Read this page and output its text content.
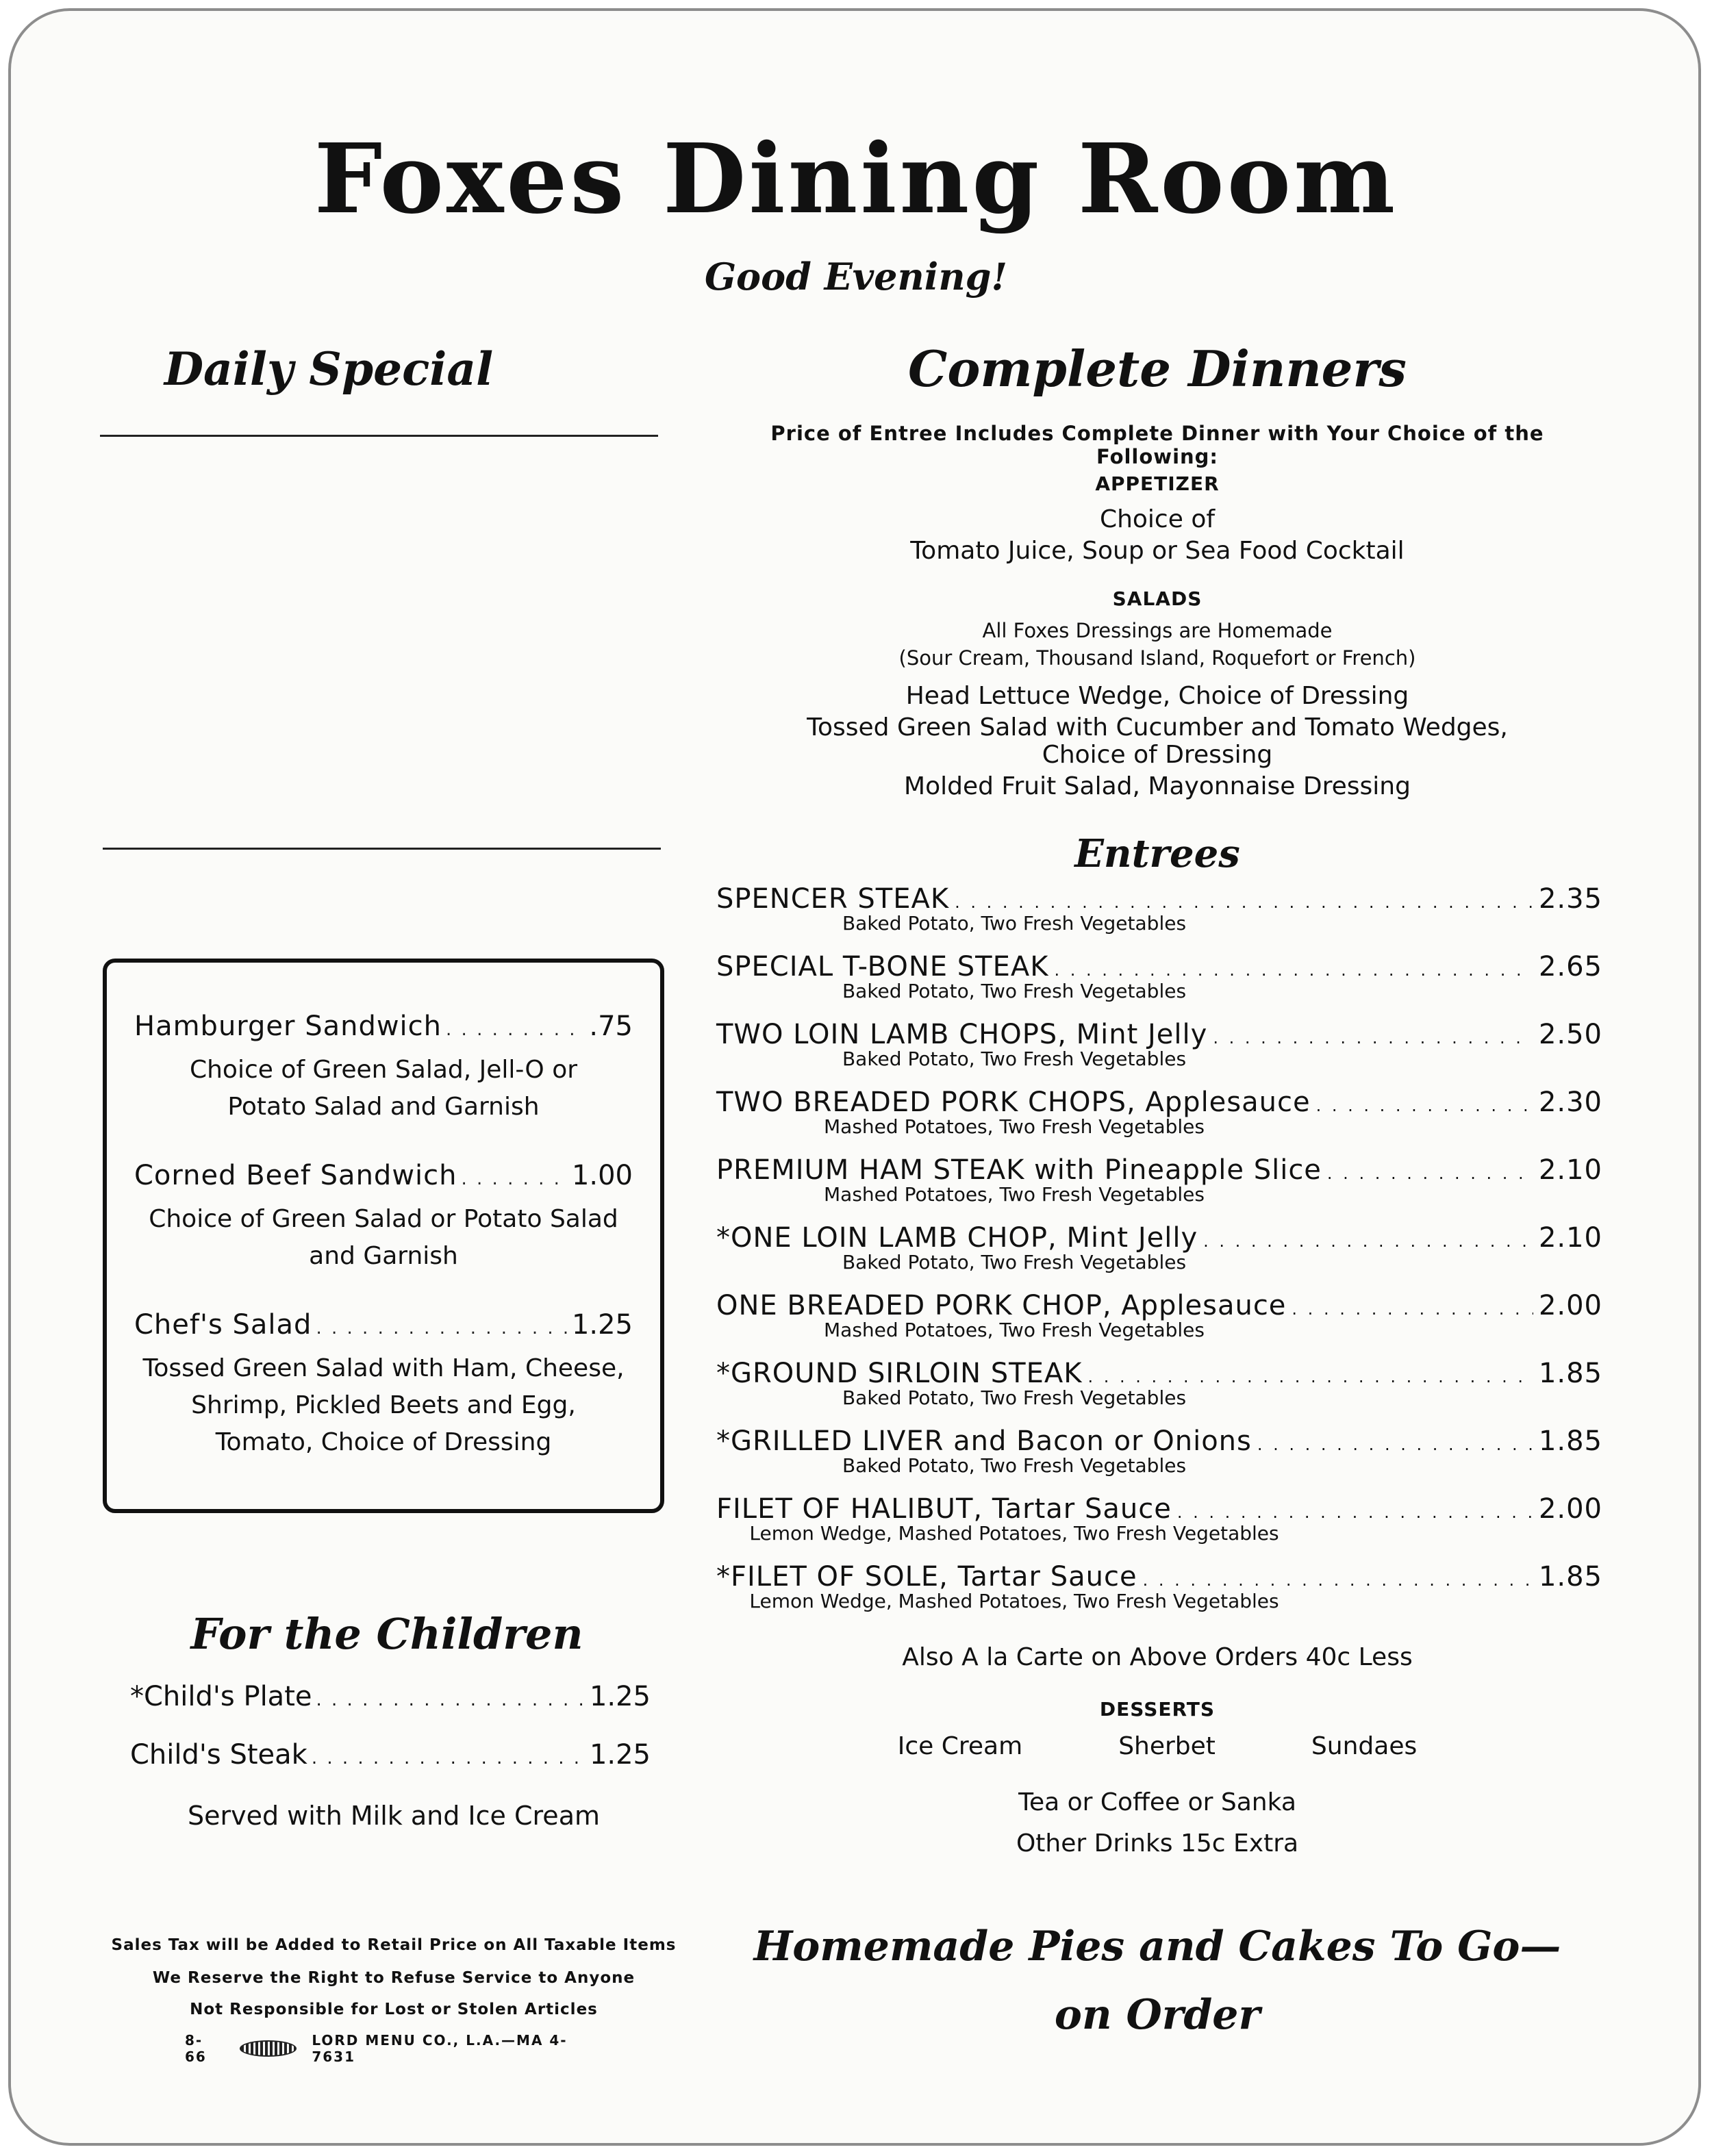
Foxes Dining Room
Good Evening!
Daily Special
Hamburger Sandwich . . .	.75
Choice of Green Salad, Jell-O or
Potato Salad and Garnish
Corned Beef Sandwich . . .	1.00
Choice of Green Salad or Potato Salad
and Garnish
Chef's Salad . . .	1.25
Tossed Green Salad with Ham, Cheese,
Shrimp, Pickled Beets and Egg,
Tomato, Choice of Dressing
For the Children
*Child's Plate . . .	1.25
Child's Steak . . .	1.25
Served with Milk and Ice Cream
Sales Tax will be Added to Retail Price on All Taxable Items
We Reserve the Right to Refuse Service to Anyone
Not Responsible for Lost or Stolen Articles
8-66
LORD MENU CO., L.A.—MA 4-7631
Complete Dinners
Price of Entree Includes Complete Dinner with Your Choice of the Following:
APPETIZER
Choice of
Tomato Juice, Soup or Sea Food Cocktail
SALADS
All Foxes Dressings are Homemade
(Sour Cream, Thousand Island, Roquefort or French)
Head Lettuce Wedge, Choice of Dressing
Tossed Green Salad with Cucumber and Tomato Wedges,
Choice of Dressing
Molded Fruit Salad, Mayonnaise Dressing
Entrees
SPENCER STEAK . . .	2.35
Baked Potato, Two Fresh Vegetables
SPECIAL T-BONE STEAK . . .	2.65
Baked Potato, Two Fresh Vegetables
TWO LOIN LAMB CHOPS, Mint Jelly . . .	2.50
Baked Potato, Two Fresh Vegetables
TWO BREADED PORK CHOPS, Applesauce . . .	2.30
Mashed Potatoes, Two Fresh Vegetables
PREMIUM HAM STEAK with Pineapple Slice . . .	2.10
Mashed Potatoes, Two Fresh Vegetables
*ONE LOIN LAMB CHOP, Mint Jelly . . .	2.10
Baked Potato, Two Fresh Vegetables
ONE BREADED PORK CHOP, Applesauce . . .	2.00
Mashed Potatoes, Two Fresh Vegetables
*GROUND SIRLOIN STEAK . . .	1.85
Baked Potato, Two Fresh Vegetables
*GRILLED LIVER and Bacon or Onions . . .	1.85
Baked Potato, Two Fresh Vegetables
FILET OF HALIBUT, Tartar Sauce . . .	2.00
Lemon Wedge, Mashed Potatoes, Two Fresh Vegetables
*FILET OF SOLE, Tartar Sauce . . .	1.85
Lemon Wedge, Mashed Potatoes, Two Fresh Vegetables
Also A la Carte on Above Orders 40c Less
DESSERTS
Ice Cream	Sherbet	Sundaes
Tea or Coffee or Sanka
Other Drinks 15c Extra
Homemade Pies and Cakes To Go—
on Order
